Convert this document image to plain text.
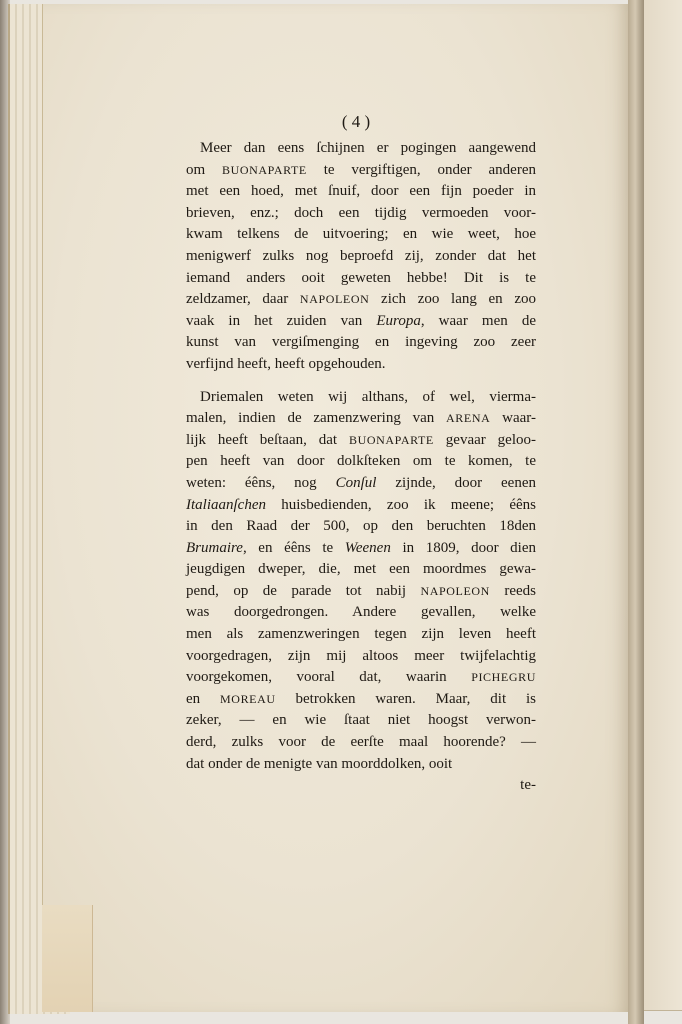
( 4 )
Meer dan eens ſchijnen er pogingen aangewend
om BUONAPARTE te vergiftigen, onder anderen
met een hoed, met ſnuif, door een fijn poeder in
brieven, enz.; doch een tijdig vermoeden voor-
kwam telkens de uitvoering; en wie weet, hoe
menigwerf zulks nog beproefd zij, zonder dat het
iemand anders ooit geweten hebbe! Dit is te
zeldzamer, daar NAPOLEON zich zoo lang en zoo
vaak in het zuiden van Europa, waar men de
kunst van vergiſmenging en ingeving zoo zeer
verfijnd heeft, heeft opgehouden.
Driemalen weten wij althans, of wel, vierma-
malen, indien de zamenzwering van ARENA waar-
lijk heeft beſtaan, dat BUONAPARTE gevaar geloo-
pen heeft van door dolkſteken om te komen, te
weten: éêns, nog Conſul zijnde, door eenen
Italiaanſchen huisbedienden, zoo ik meene; éêns
in den Raad der 500, op den beruchten 18den
Brumaire, en éêns te Weenen in 1809, door dien
jeugdigen dweper, die, met een moordmes gewa-
pend, op de parade tot nabij NAPOLEON reeds
was doorgedrongen. Andere gevallen, welke
men als zamenzweringen tegen zijn leven heeft
voorgedragen, zijn mij altoos meer twijfelachtig
voorgekomen, vooral dat, waarin PICHEGRU
en MOREAU betrokken waren. Maar, dit is
zeker, — en wie ſtaat niet hoogst verwon-
derd, zulks voor de eerſte maal hoorende? —
dat onder de menigte van moorddolken, ooit
te-
